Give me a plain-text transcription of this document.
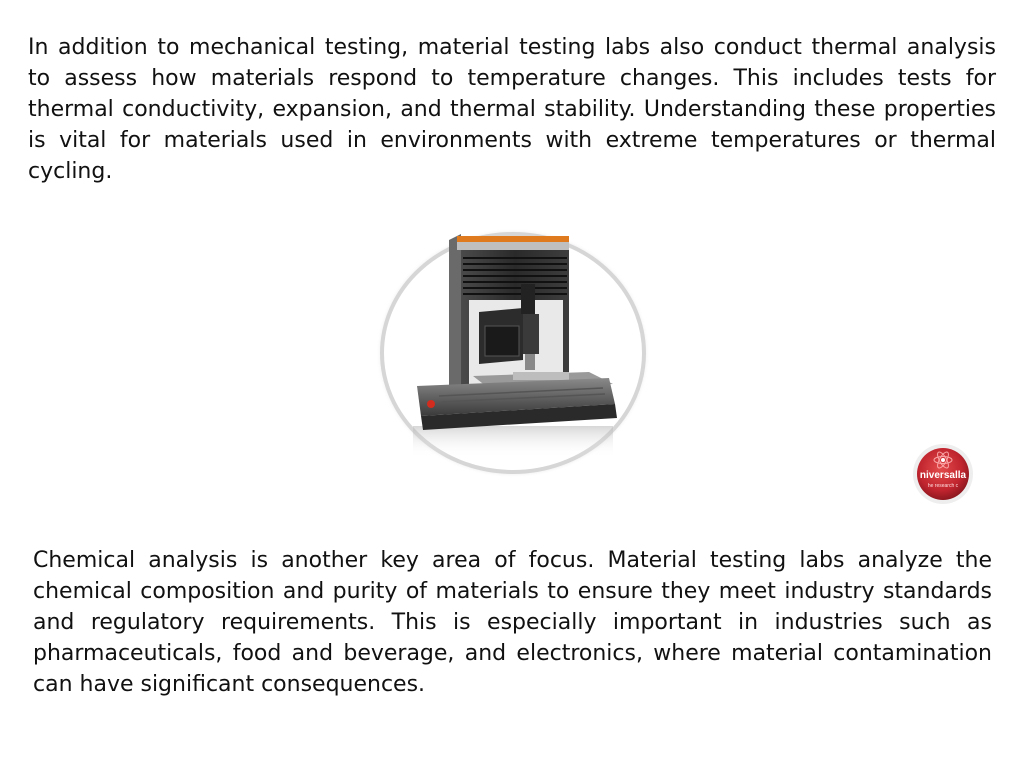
In addition to mechanical testing, material testing labs also conduct thermal analysis to assess how materials respond to temperature changes. This includes tests for thermal conductivity, expansion, and thermal stability. Understanding these properties is vital for materials used in environments with extreme temperatures or thermal cycling.

niversalla
he research c

Chemical analysis is another key area of focus. Material testing labs analyze the chemical composition and purity of materials to ensure they meet industry standards and regulatory requirements. This is especially important in industries such as pharmaceuticals, food and beverage, and electronics, where material contamination can have significant consequences.
